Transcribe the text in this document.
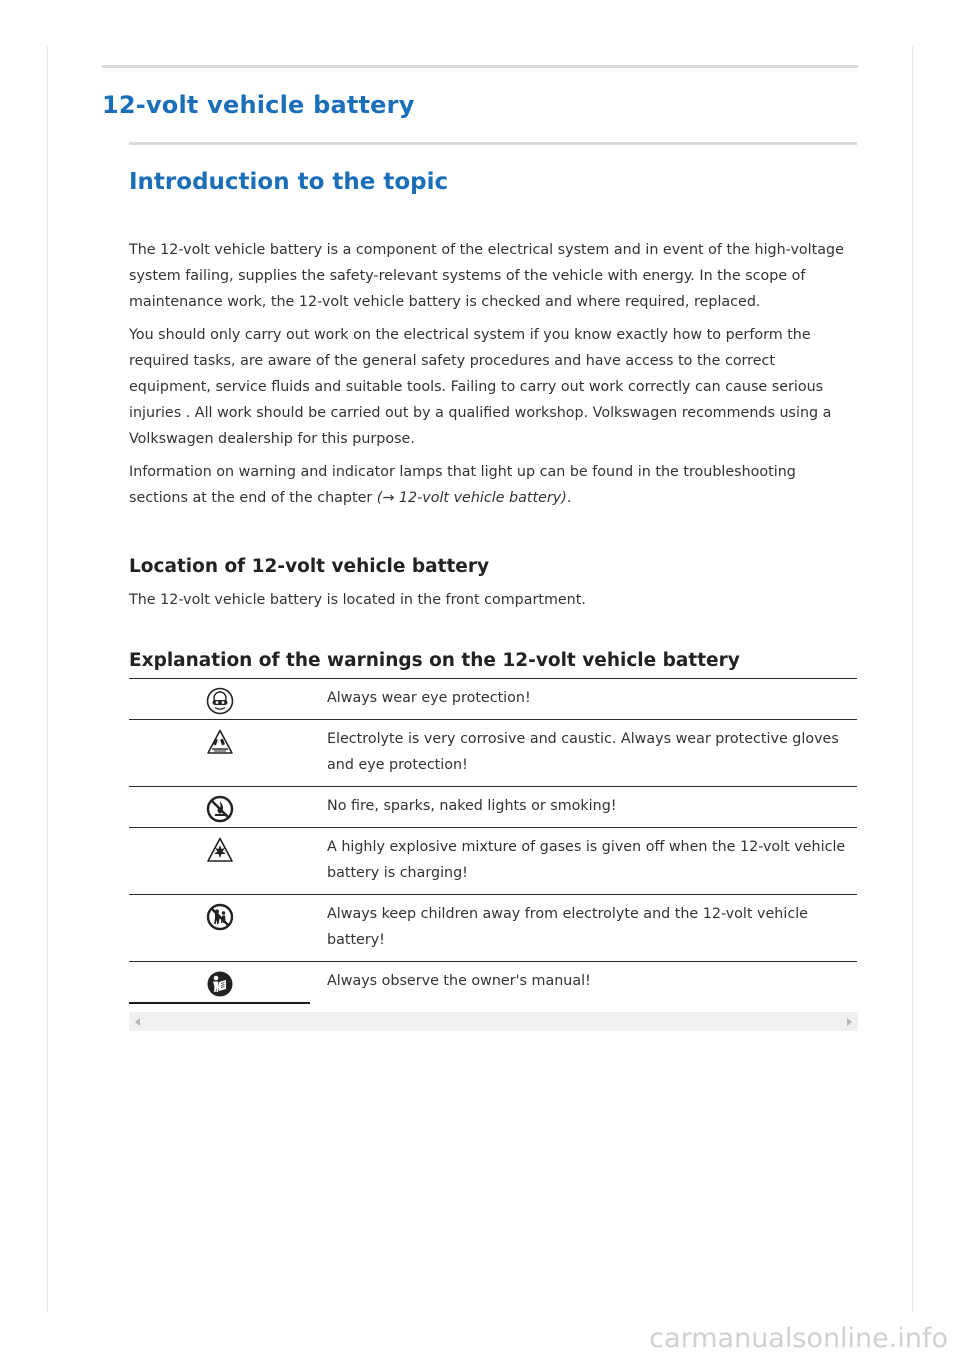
12-volt vehicle battery
Introduction to the topic

The 12-volt vehicle battery is a component of the electrical system and in event of the high-voltage system failing, supplies the safety-relevant systems of the vehicle with energy. In the scope of maintenance work, the 12-volt vehicle battery is checked and where required, replaced.

You should only carry out work on the electrical system if you know exactly how to perform the required tasks, are aware of the general safety procedures and have access to the correct equipment, service fluids and suitable tools. Failing to carry out work correctly can cause serious injuries . All work should be carried out by a qualified workshop. Volkswagen recommends using a Volkswagen dealership for this purpose.

Information on warning and indicator lamps that light up can be found in the troubleshooting sections at the end of the chapter (→ 12-volt vehicle battery).

Location of 12-volt vehicle battery

The 12-volt vehicle battery is located in the front compartment.

Explanation of the warnings on the 12-volt vehicle battery
Always wear eye protection!
Electrolyte is very corrosive and caustic. Always wear protective gloves and eye protection!
No fire, sparks, naked lights or smoking!
A highly explosive mixture of gases is given off when the 12-volt vehicle battery is charging!
Always keep children away from electrolyte and the 12-volt vehicle battery!
Always observe the owner's manual!
carmanualsonline.info
